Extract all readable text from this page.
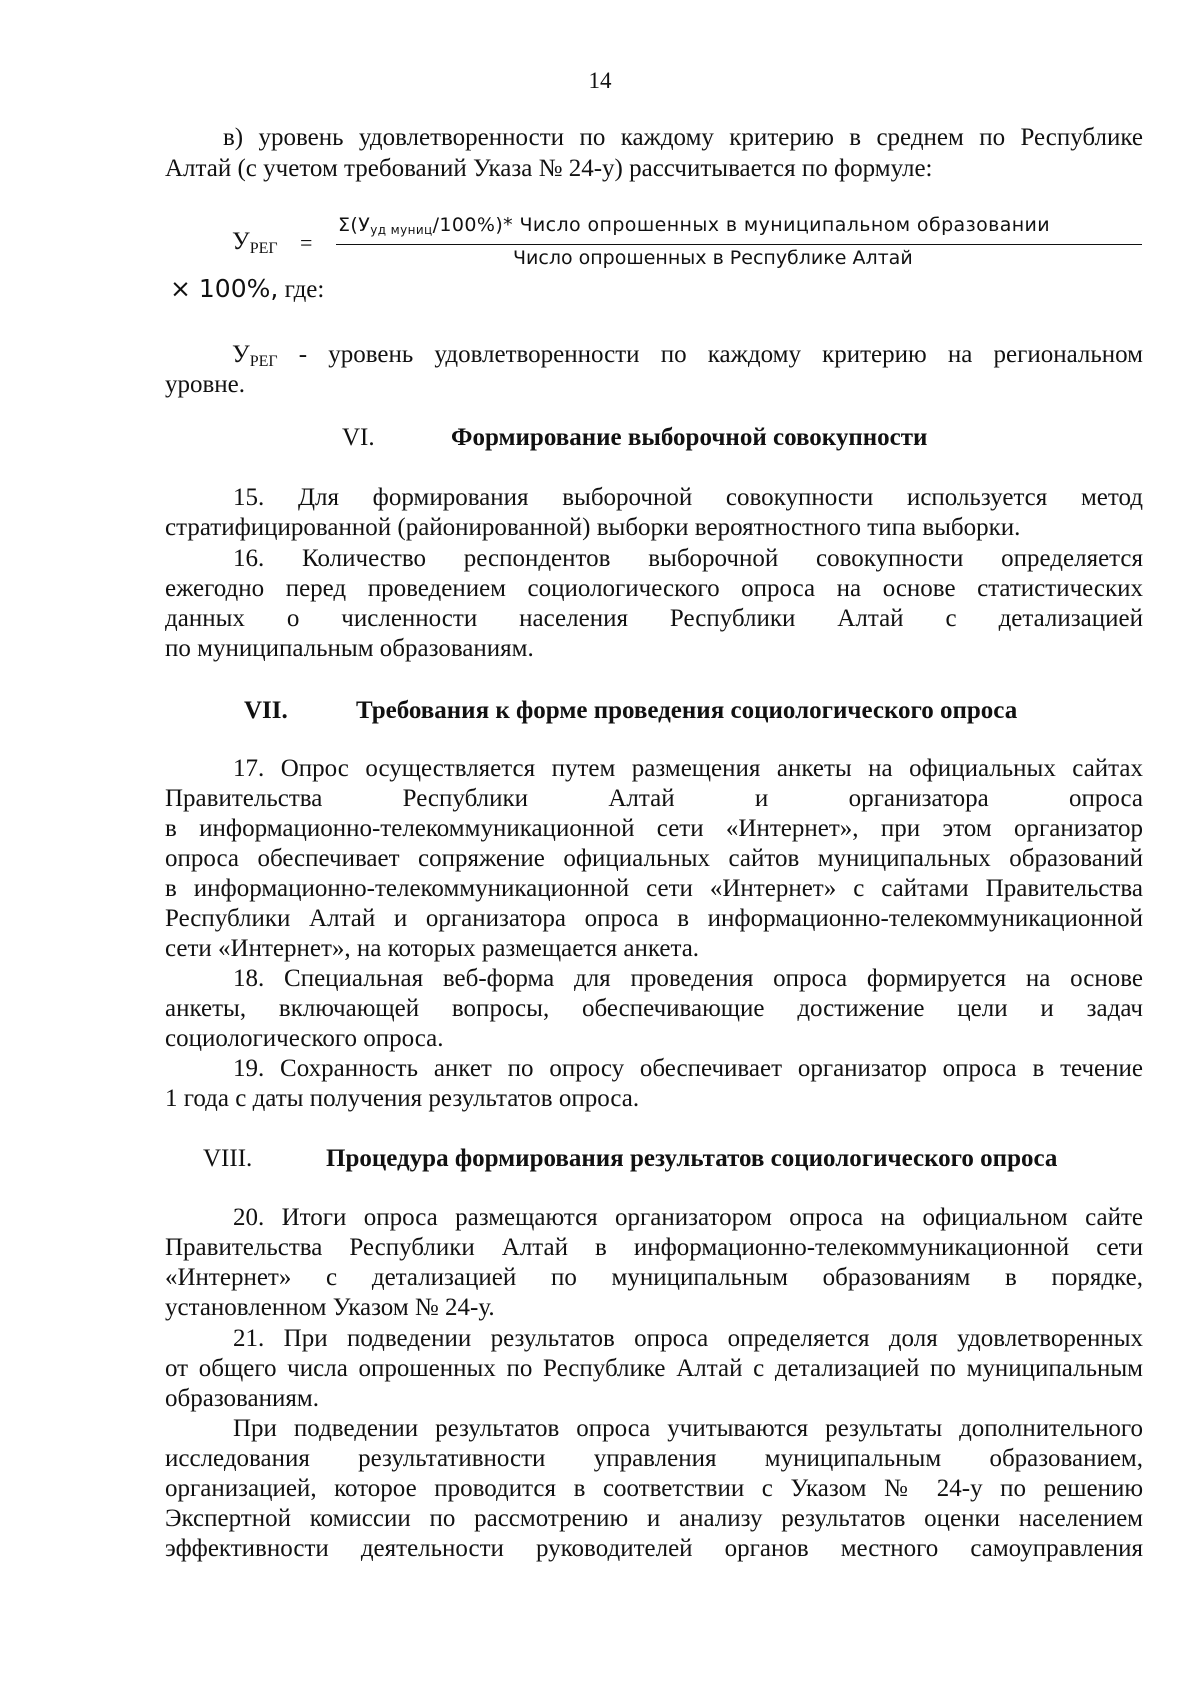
14
в) уровень удовлетворенности по каждому критерию в среднем по Республике
Алтай (с учетом требований Указа № 24-у) рассчитывается по формуле:
$У_{РЕГ}$ =
$\Sigma(У_{уд муниц}/100\%)*$ Число опрошенных в муниципальном образовании
Число опрошенных в Республике Алтай
× 100%, где:
$У_{РЕГ}$ - уровень удовлетворенности по каждому критерию на региональном
уровне.
VI.	Формирование выборочной совокупности
15. Для формирования выборочной совокупности используется метод
стратифицированной (районированной) выборки вероятностного типа выборки.
16. Количество респондентов выборочной совокупности определяется
ежегодно перед проведением социологического опроса на основе статистических
данных о численности населения Республики Алтай с детализацией
по муниципальным образованиям.
VII.	Требования к форме проведения социологического опроса
17. Опрос осуществляется путем размещения анкеты на официальных сайтах
Правительства Республики Алтай и организатора опроса
в информационно-телекоммуникационной сети «Интернет», при этом организатор
опроса обеспечивает сопряжение официальных сайтов муниципальных образований
в информационно-телекоммуникационной сети «Интернет» с сайтами Правительства
Республики Алтай и организатора опроса в информационно-телекоммуникационной
сети «Интернет», на которых размещается анкета.
18. Специальная веб-форма для проведения опроса формируется на основе
анкеты, включающей вопросы, обеспечивающие достижение цели и задач
социологического опроса.
19. Сохранность анкет по опросу обеспечивает организатор опроса в течение
1 года с даты получения результатов опроса.
VIII.	Процедура формирования результатов социологического опроса
20. Итоги опроса размещаются организатором опроса на официальном сайте
Правительства Республики Алтай в информационно-телекоммуникационной сети
«Интернет» с детализацией по муниципальным образованиям в порядке,
установленном Указом № 24-у.
21. При подведении результатов опроса определяется доля удовлетворенных
от общего числа опрошенных по Республике Алтай с детализацией по муниципальным
образованиям.
При подведении результатов опроса учитываются результаты дополнительного
исследования результативности управления муниципальным образованием,
организацией, которое проводится в соответствии с Указом № 24-у по решению
Экспертной комиссии по рассмотрению и анализу результатов оценки населением
эффективности деятельности руководителей органов местного самоуправления
